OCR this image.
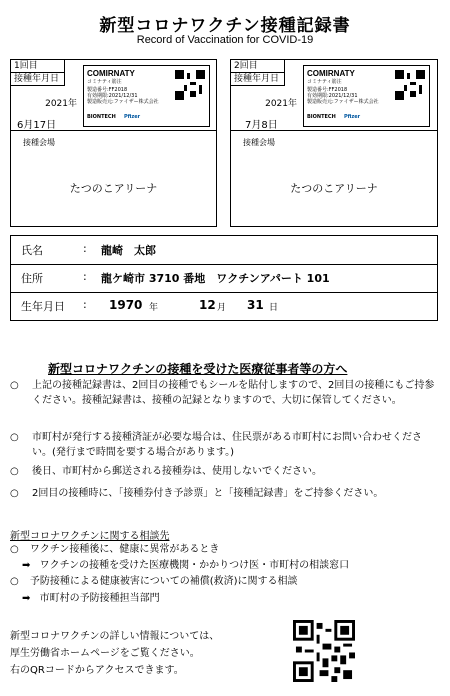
新型コロナワクチン接種記録書
Record of Vaccination for COVID-19
1回目
接種年月日
2021年
6月17日
COMIRNATY
コミナティ筋注
製造番号:FF2018
有効期限:2021/12/31
製造販売元:ファイザー株式会社
BIONTECH Pfizer
接種会場
たつのこアリーナ
2回目
接種年月日
2021年
7月8日
COMIRNATY
コミナティ筋注
製造番号:FF2018
有効期限:2021/12/31
製造販売元:ファイザー株式会社
BIONTECH Pfizer
接種会場
たつのこアリーナ
氏名	: 龍崎　太郎
住所	: 龍ケ崎市 3710 番地　ワクチンアパート 101
生年月日 : 1970 年	12 月 31 日
新型コロナワクチンの接種を受けた医療従事者等の方へ
○	上記の接種記録書は、2回目の接種でもシールを貼付しますので、2回目の接種にもご持参ください。接種記録書は、接種の記録となりますので、大切に保管してください。
○	市町村が発行する接種済証が必要な場合は、住民票がある市町村にお問い合わせください。(発行まで時間を要する場合があります。)
○	後日、市町村から郵送される接種券は、使用しないでください。
○	2回目の接種時に、「接種券付き予診票」と「接種記録書」をご持参ください。
新型コロナワクチンに関する相談先
○ ワクチン接種後に、健康に異常があるとき
➡ ワクチンの接種を受けた医療機関・かかりつけ医・市町村の相談窓口
○ 予防接種による健康被害についての補償(救済)に関する相談
➡ 市町村の予防接種担当部門
新型コロナワクチンの詳しい情報については、
厚生労働省ホームページをご覧ください。
右のQRコードからアクセスできます。
